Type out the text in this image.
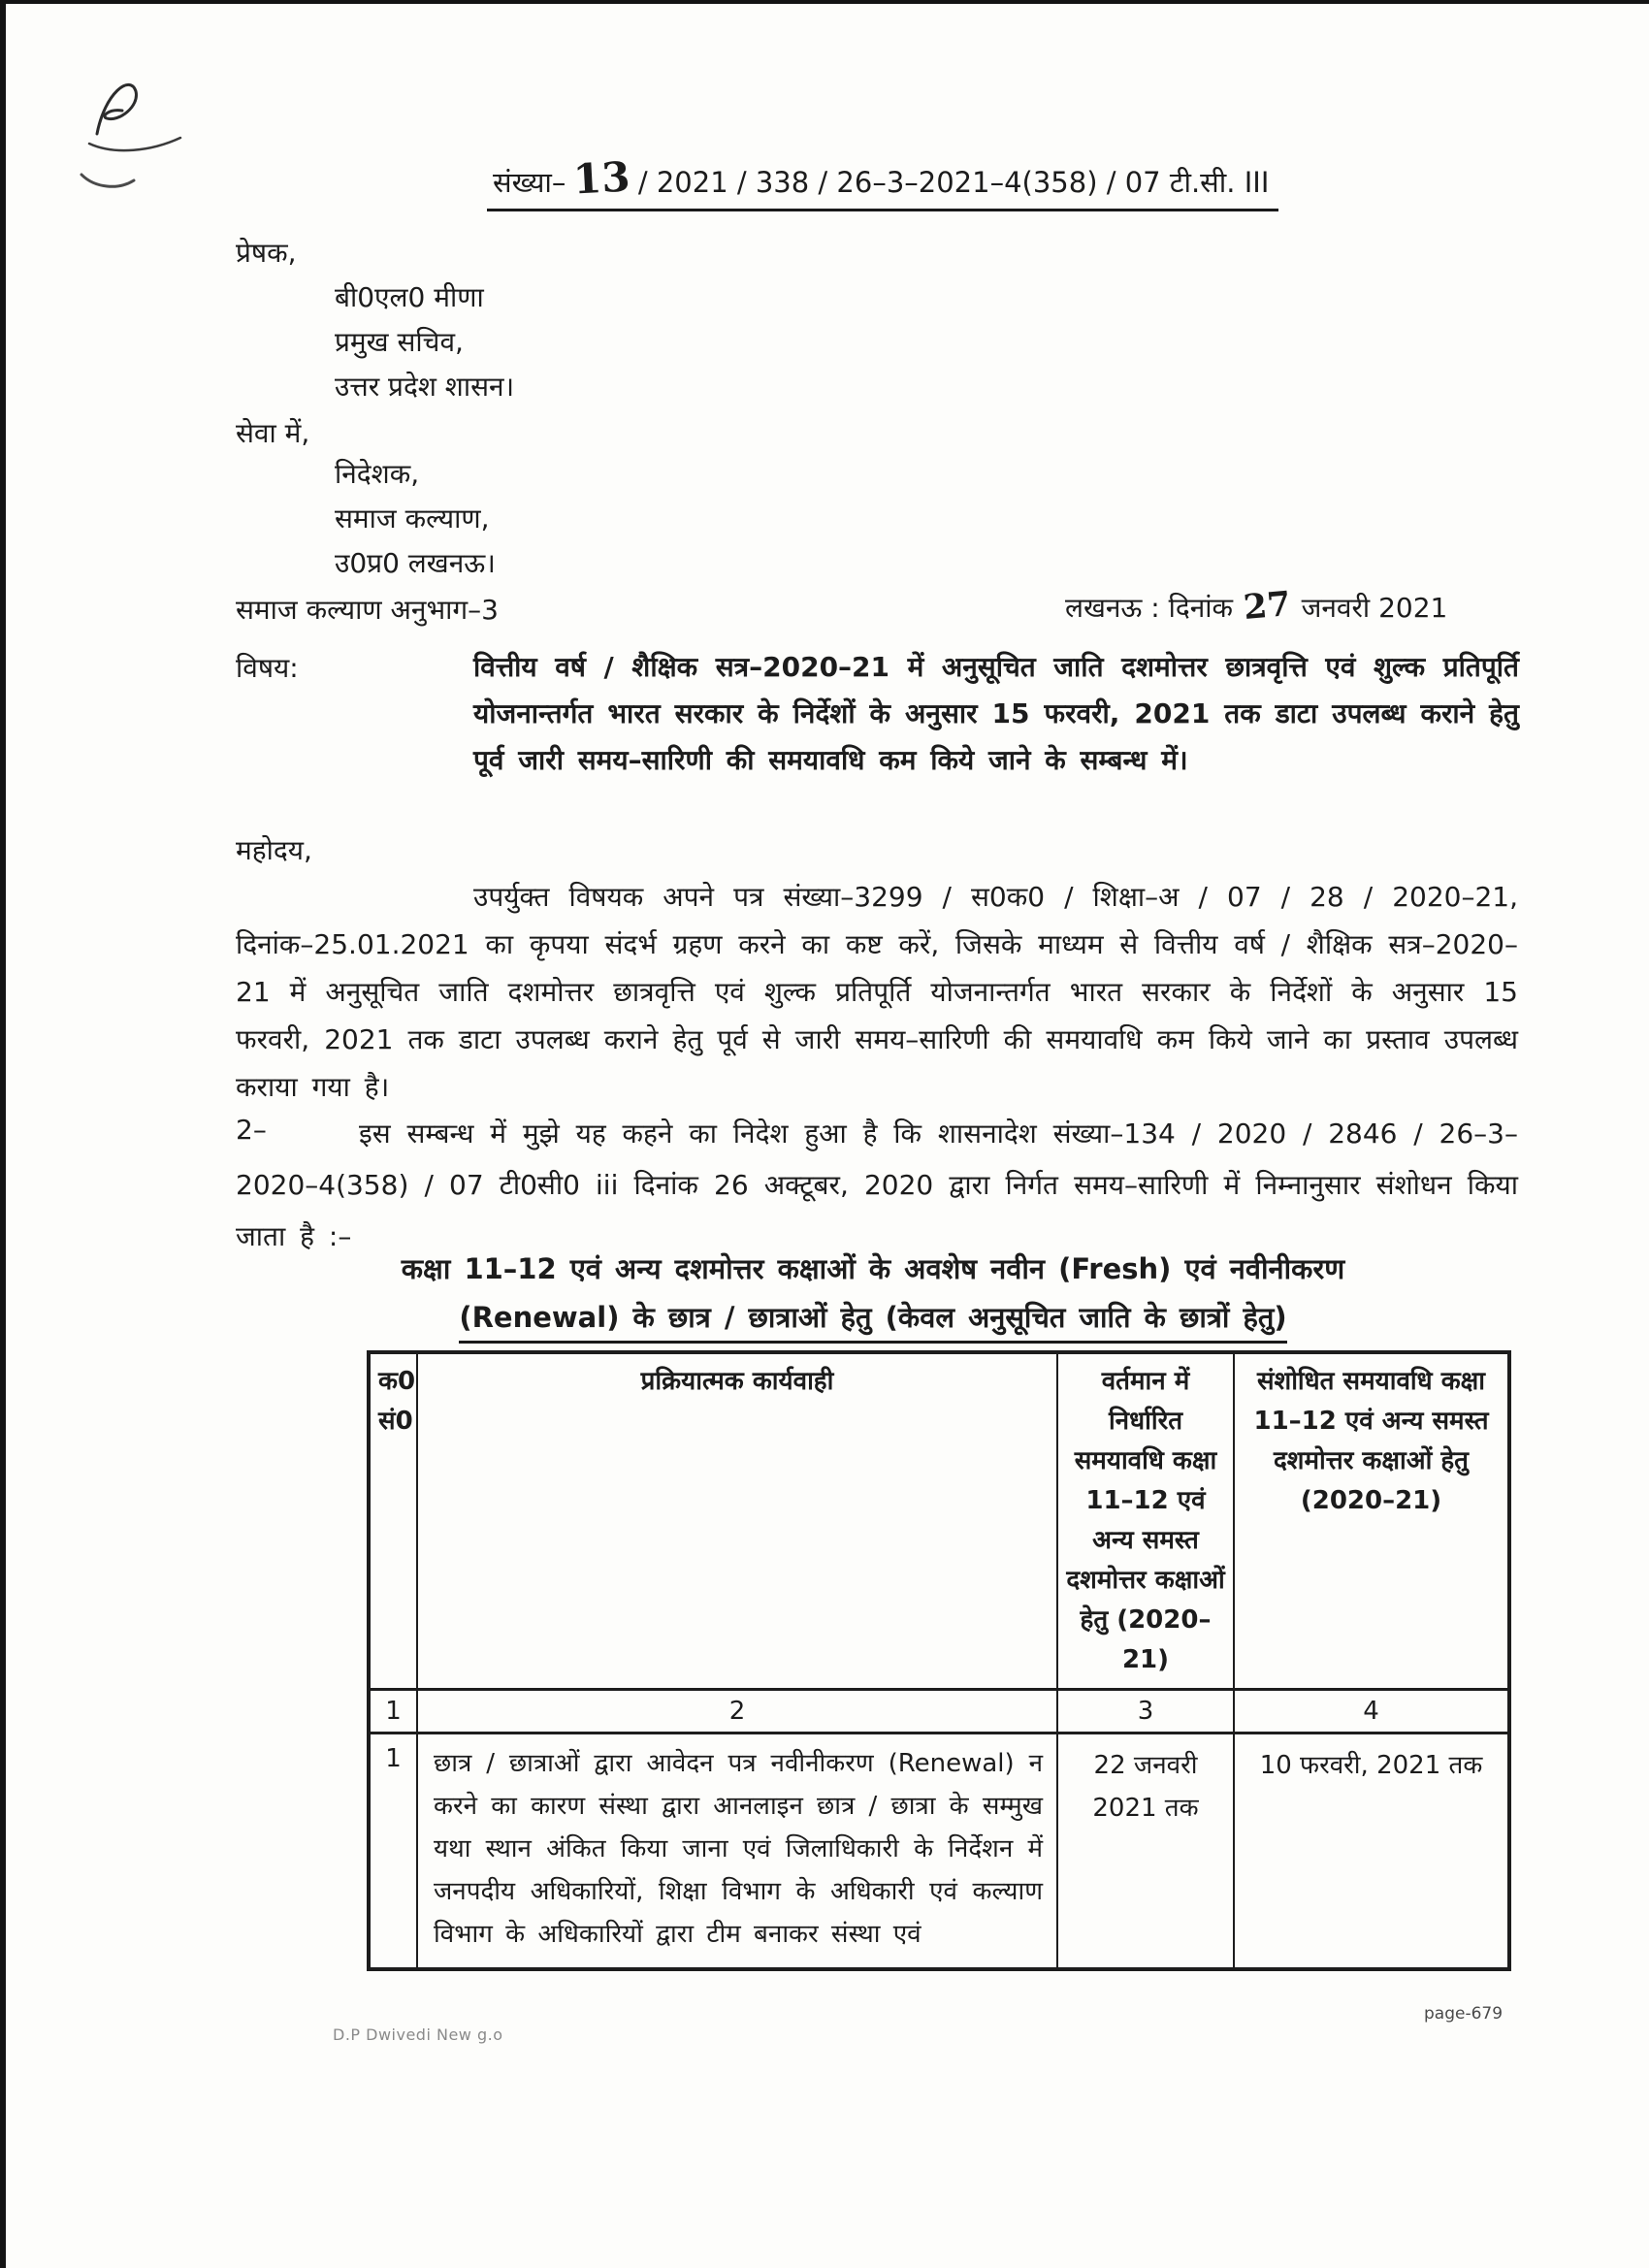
संख्या– 13 / 2021 / 338 / 26–3–2021–4(358) / 07 टी.सी. III
प्रेषक,
बी0एल0 मीणा
प्रमुख सचिव,
उत्तर प्रदेश शासन।
सेवा में,
निदेशक,
समाज कल्याण,
उ0प्र0 लखनऊ।
समाज कल्याण अनुभाग–3	लखनऊ : दिनांक 27 जनवरी 2021
विषय:	वित्तीय वर्ष / शैक्षिक सत्र–2020–21 में अनुसूचित जाति दशमोत्तर छात्रवृत्ति एवं शुल्क प्रतिपूर्ति योजनान्तर्गत भारत सरकार के निर्देशों के अनुसार 15 फरवरी, 2021 तक डाटा उपलब्ध कराने हेतु पूर्व जारी समय–सारिणी की समयावधि कम किये जाने के सम्बन्ध में।
महोदय,
उपर्युक्त विषयक अपने पत्र संख्या–3299 / स0क0 / शिक्षा–अ / 07 / 28 / 2020–21, दिनांक–25.01.2021 का कृपया संदर्भ ग्रहण करने का कष्ट करें, जिसके माध्यम से वित्तीय वर्ष / शैक्षिक सत्र–2020–21 में अनुसूचित जाति दशमोत्तर छात्रवृत्ति एवं शुल्क प्रतिपूर्ति योजनान्तर्गत भारत सरकार के निर्देशों के अनुसार 15 फरवरी, 2021 तक डाटा उपलब्ध कराने हेतु पूर्व से जारी समय–सारिणी की समयावधि कम किये जाने का प्रस्ताव उपलब्ध कराया गया है।
2–	इस सम्बन्ध में मुझे यह कहने का निदेश हुआ है कि शासनादेश संख्या–134 / 2020 / 2846 / 26–3–2020–4(358) / 07 टी0सी0 iii दिनांक 26 अक्टूबर, 2020 द्वारा निर्गत समय–सारिणी में निम्नानुसार संशोधन किया जाता है :–
कक्षा 11–12 एवं अन्य दशमोत्तर कक्षाओं के अवशेष नवीन (Fresh) एवं नवीनीकरण
(Renewal) के छात्र / छात्राओं हेतु (केवल अनुसूचित जाति के छात्रों हेतु)
क0 सं0	प्रक्रियात्मक कार्यवाही	वर्तमान में निर्धारित समयावधि कक्षा 11–12 एवं अन्य समस्त दशमोत्तर कक्षाओं हेतु (2020–21)	संशोधित समयावधि कक्षा 11–12 एवं अन्य समस्त दशमोत्तर कक्षाओं हेतु (2020–21)
1	2	3	4
1	छात्र / छात्राओं द्वारा आवेदन पत्र नवीनीकरण (Renewal) न करने का कारण संस्था द्वारा आनलाइन छात्र / छात्रा के सम्मुख यथा स्थान अंकित किया जाना एवं जिलाधिकारी के निर्देशन में जनपदीय अधिकारियों, शिक्षा विभाग के अधिकारी एवं कल्याण विभाग के अधिकारियों द्वारा टीम बनाकर संस्था एवं	22 जनवरी 2021 तक	10 फरवरी, 2021 तक
D.P Dwivedi New g.o
page-679
